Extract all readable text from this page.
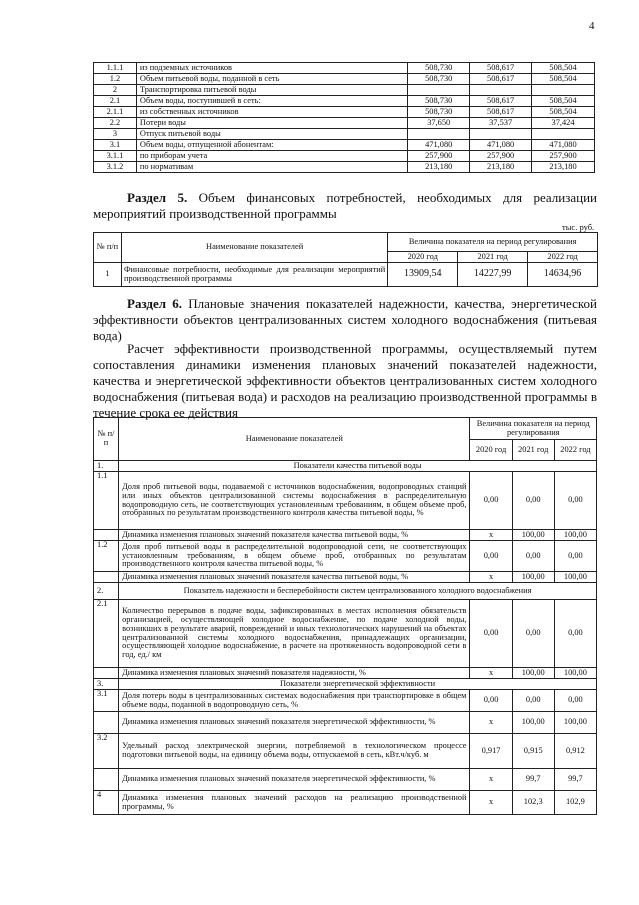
4
1.1.1	из подземных источников	508,730	508,617	508,504
1.2	Объем питьевой воды, поданной в сеть	508,730	508,617	508,504
2	Транспортировка питьевой воды			
2.1	Объем воды, поступившей в сеть:	508,730	508,617	508,504
2.1.1	из собственных источников	508,730	508,617	508,504
2.2	Потери воды	37,650	37,537	37,424
3	Отпуск питьевой воды			
3.1	Объем воды, отпущенной абонентам:	471,080	471,080	471,080
3.1.1	по приборам учета	257,900	257,900	257,900
3.1.2	по нормативам	213,180	213,180	213,180
Раздел 5. Объем финансовых потребностей, необходимых для реализации мероприятий производственной программы
тыс. руб.
№ п/п	Наименование показателей	Величина показателя на период регулирования		
		2020 год	2021 год	2022 год
1	Финансовые потребности, необходимые для реализации мероприятий производственной программы	13909,54	14227,99	14634,96
Раздел 6. Плановые значения показателей надежности, качества, энергетической эффективности объектов централизованных систем холодного водоснабжения (питьевая вода)
Расчет эффективности производственной программы, осуществляемый путем сопоставления динамики изменения плановых значений показателей надежности, качества и энергетической эффективности объектов централизованных систем холодного водоснабжения (питьевая вода) и расходов на реализацию производственной программы в течение срока ее действия
№ п/п	Наименование показателей	Величина показателя на период регулирования		
		2020 год	2021 год	2022 год
1.	Показатели качества питьевой воды			
1.1	Доля проб питьевой воды, подаваемой с источников водоснабжения, водопроводных станций или иных объектов централизованной системы водоснабжения в распределительную водопроводную сеть, не соответствующих установленным требованиям, в общем объеме проб, отобранных по результатам производственного контроля качества питьевой воды, %	0,00	0,00	0,00
	Динамика изменения плановых значений показателя качества питьевой воды, %	х	100,00	100,00
1.2	Доля проб питьевой воды в распределительной водопроводной сети, не соответствующих установленным требованиям, в общем объеме проб, отобранных по результатам производственного контроля качества питьевой воды, %	0,00	0,00	0,00
	Динамика изменения плановых значений показателя качества питьевой воды, %	х	100,00	100,00
2.	Показатель надежности и бесперебойности систем централизованного холодного водоснабжения			
2.1	Количество перерывов в подаче воды, зафиксированных в местах исполнения обязательств организацией, осуществляющей холодное водоснабжение, по подаче холодной воды, возникших в результате аварий, повреждений и иных технологических нарушений на объектах централизованной системы холодного водоснабжения, принадлежащих организации, осуществляющей холодное водоснабжение, в расчете на протяженность водопроводной сети в год, ед./ км	0,00	0,00	0,00
	Динамика изменения плановых значений показателя надежности, %	х	100,00	100,00
3.	Показатели энергетической эффективности			
3.1	Доля потерь воды в централизованных системах водоснабжения при транспортировке в общем объеме воды, поданной в водопроводную сеть, %	0,00	0,00	0,00
	Динамика изменения плановых значений показателя энергетической эффективности, %	х	100,00	100,00
3.2	Удельный расход электрической энергии, потребляемой в технологическом процессе подготовки питьевой воды, на единицу объема воды, отпускаемой в сеть, кВт.ч/куб. м	0,917	0,915	0,912
	Динамика изменения плановых значений показателя энергетической эффективности, %	х	99,7	99,7
4	Динамика изменения плановых значений расходов на реализацию производственной программы, %	х	102,3	102,9
